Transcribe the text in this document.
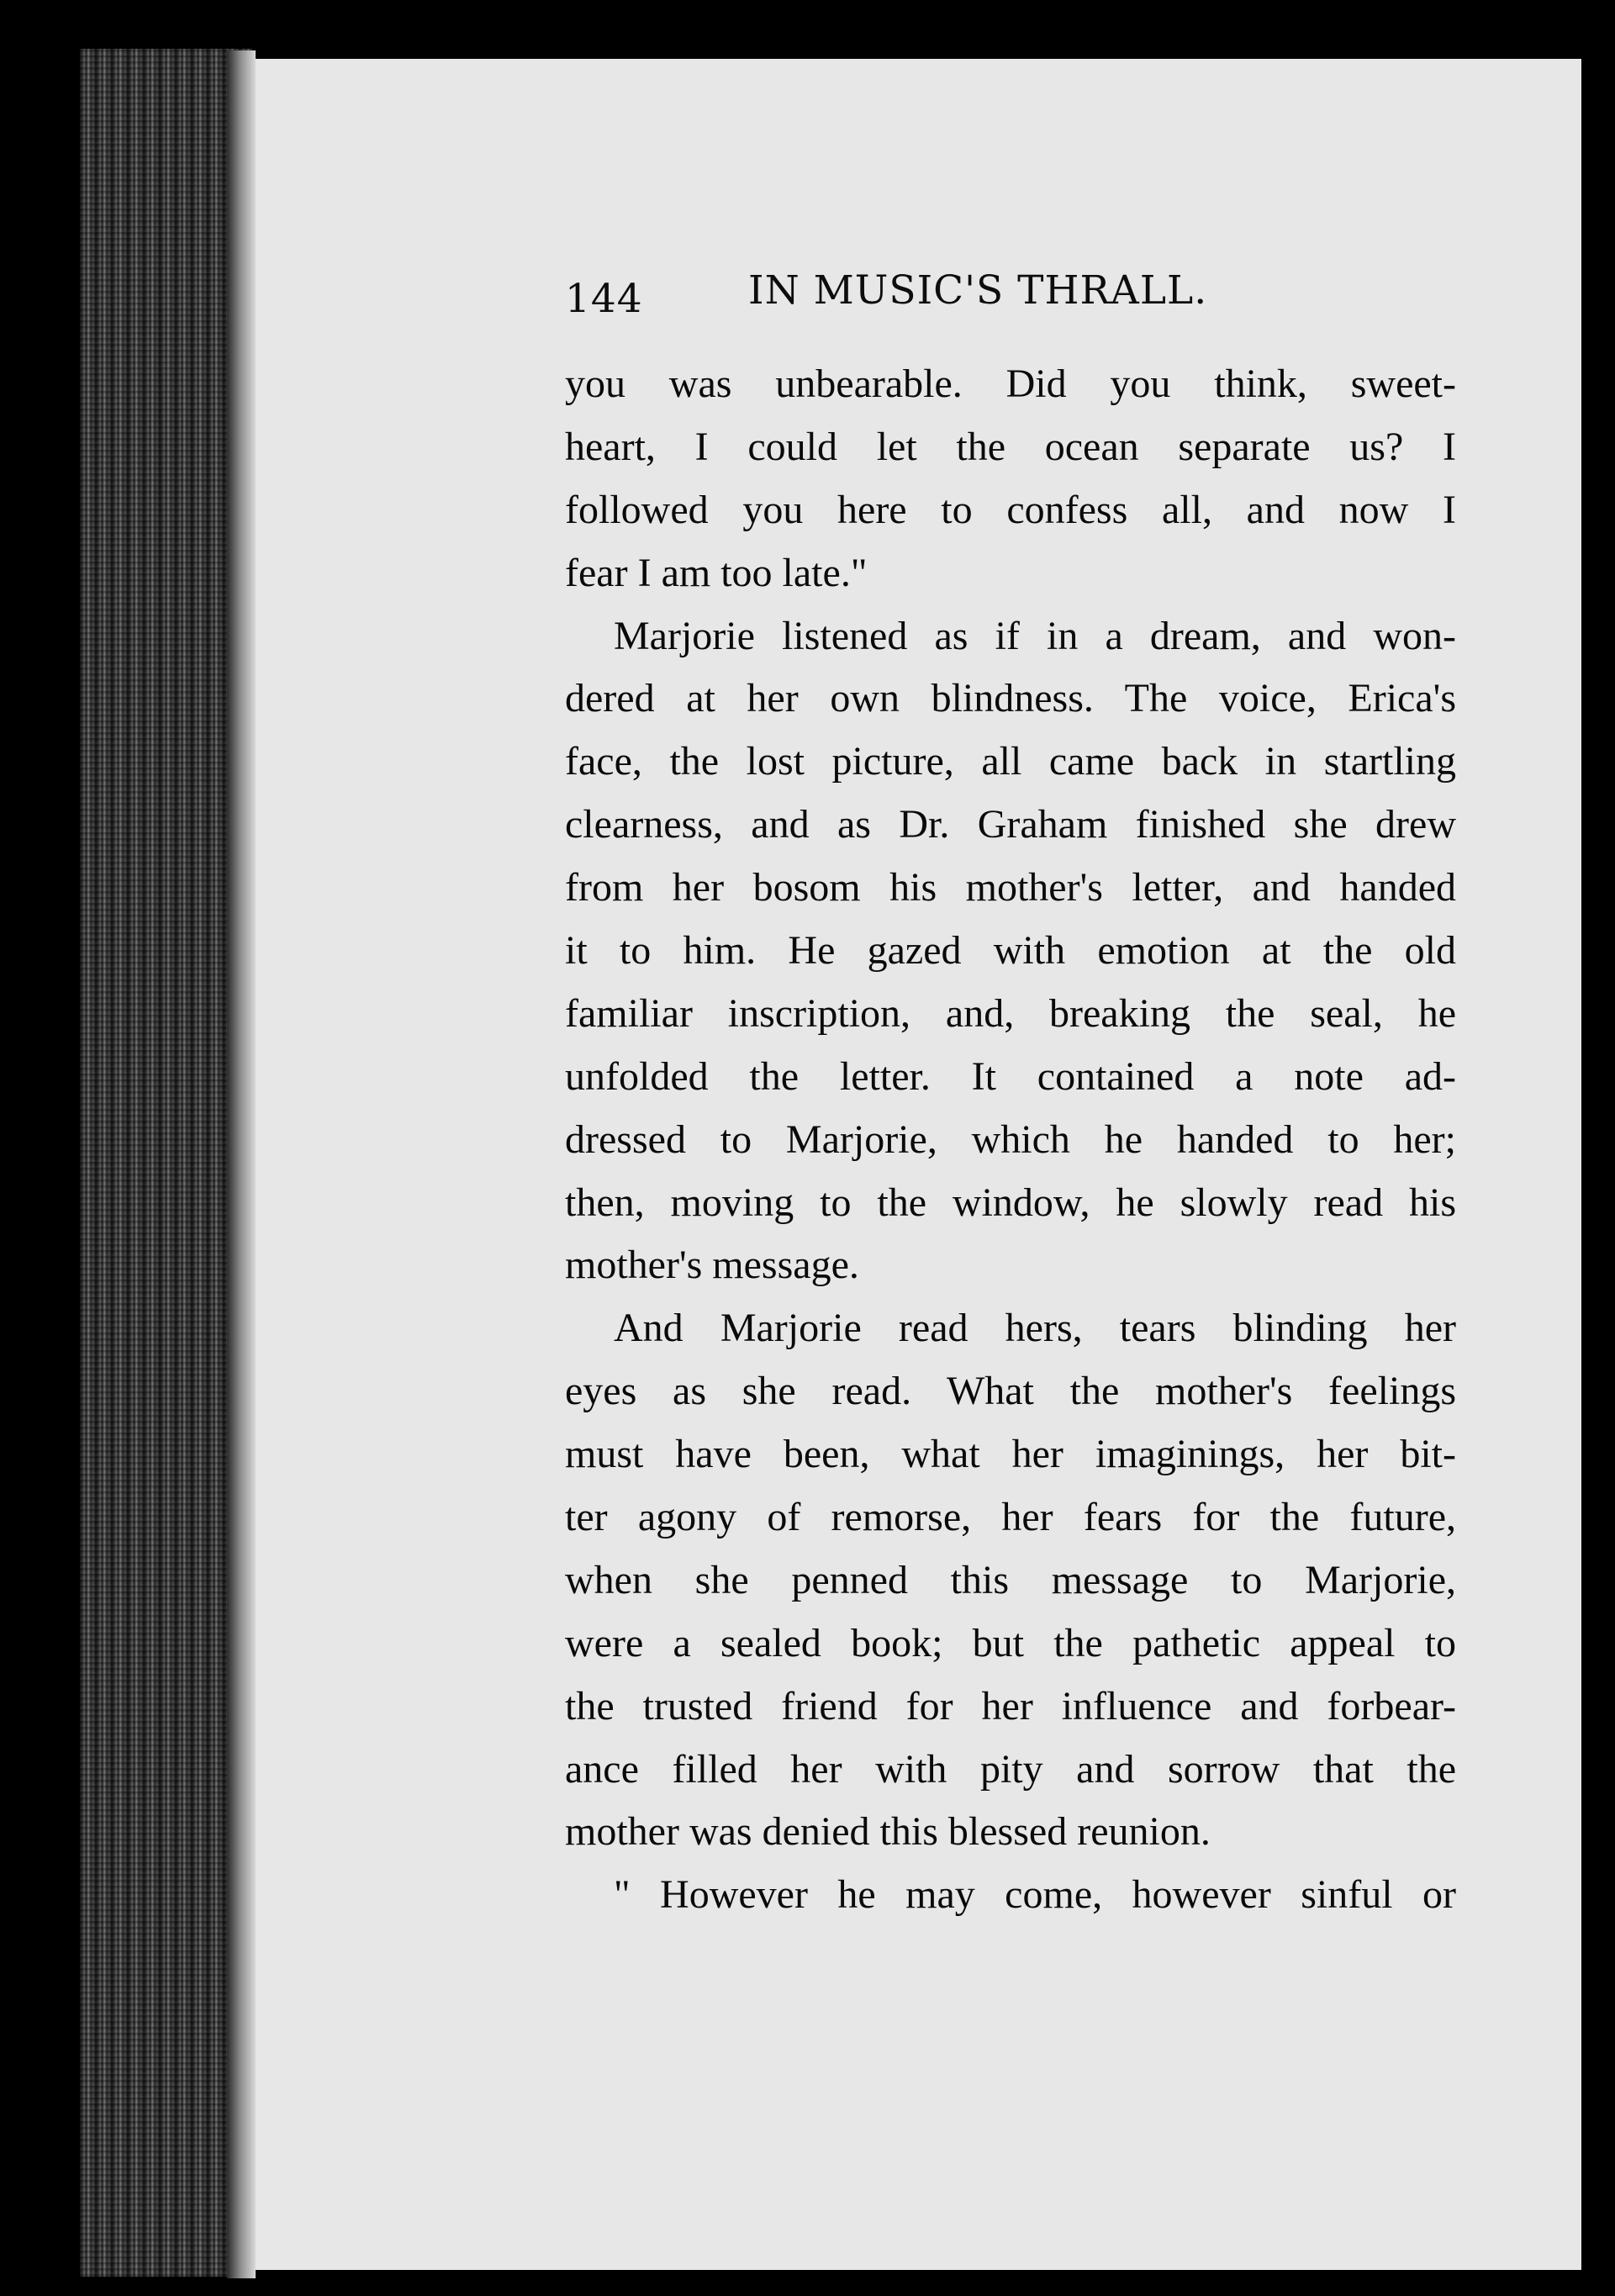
144	IN MUSIC'S THRALL.
you was unbearable. Did you think, sweet-
heart, I could let the ocean separate us? I
followed you here to confess all, and now I
fear I am too late."
Marjorie listened as if in a dream, and won-
dered at her own blindness. The voice, Erica's
face, the lost picture, all came back in startling
clearness, and as Dr. Graham finished she drew
from her bosom his mother's letter, and handed
it to him. He gazed with emotion at the old
familiar inscription, and, breaking the seal, he
unfolded the letter. It contained a note ad-
dressed to Marjorie, which he handed to her;
then, moving to the window, he slowly read his
mother's message.
And Marjorie read hers, tears blinding her
eyes as she read. What the mother's feelings
must have been, what her imaginings, her bit-
ter agony of remorse, her fears for the future,
when she penned this message to Marjorie,
were a sealed book; but the pathetic appeal to
the trusted friend for her influence and forbear-
ance filled her with pity and sorrow that the
mother was denied this blessed reunion.
" However he may come, however sinful or
